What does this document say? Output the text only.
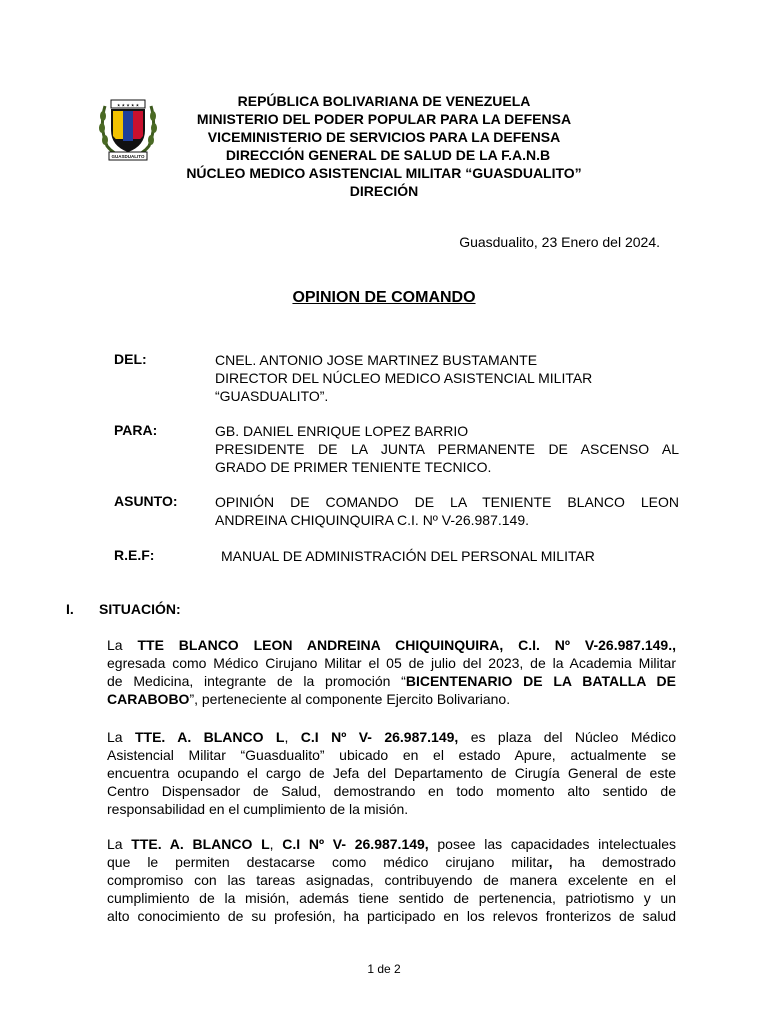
★ ★ ★ ★ ★
GUASDUALITO
REPÚBLICA BOLIVARIANA DE VENEZUELA
MINISTERIO DEL PODER POPULAR PARA LA DEFENSA
VICEMINISTERIO DE SERVICIOS PARA LA DEFENSA
DIRECCIÓN GENERAL DE SALUD DE LA F.A.N.B
NÚCLEO MEDICO ASISTENCIAL MILITAR “GUASDUALITO”
DIRECIÓN
Guasdualito, 23 Enero del 2024.
OPINION DE COMANDO
DEL:	CNEL. ANTONIO JOSE MARTINEZ BUSTAMANTE
DIRECTOR DEL NÚCLEO MEDICO ASISTENCIAL MILITAR
“GUASDUALITO”.
PARA:	GB. DANIEL ENRIQUE LOPEZ BARRIO
PRESIDENTE DE LA JUNTA PERMANENTE DE ASCENSO AL
GRADO DE PRIMER TENIENTE TECNICO.
ASUNTO:	OPINIÓN DE COMANDO DE LA TENIENTE BLANCO LEON
ANDREINA CHIQUINQUIRA C.I. Nº V-26.987.149.
R.E.F:	MANUAL DE ADMINISTRACIÓN DEL PERSONAL MILITAR
I. SITUACIÓN:
La TTE BLANCO LEON ANDREINA CHIQUINQUIRA, C.I. Nº V-26.987.149.,
egresada como Médico Cirujano Militar el 05 de julio del 2023, de la Academia Militar
de Medicina, integrante de la promoción “BICENTENARIO DE LA BATALLA DE
CARABOBO”, perteneciente al componente Ejercito Bolivariano.
La TTE. A. BLANCO L, C.I Nº V- 26.987.149, es plaza del Núcleo Médico
Asistencial Militar “Guasdualito” ubicado en el estado Apure, actualmente se
encuentra ocupando el cargo de Jefa del Departamento de Cirugía General de este
Centro Dispensador de Salud, demostrando en todo momento alto sentido de
responsabilidad en el cumplimiento de la misión.
La TTE. A. BLANCO L, C.I Nº V- 26.987.149, posee las capacidades intelectuales
que le permiten destacarse como médico cirujano militar, ha demostrado
compromiso con las tareas asignadas, contribuyendo de manera excelente en el
cumplimiento de la misión, además tiene sentido de pertenencia, patriotismo y un
alto conocimiento de su profesión, ha participado en los relevos fronterizos de salud
1 de 2
